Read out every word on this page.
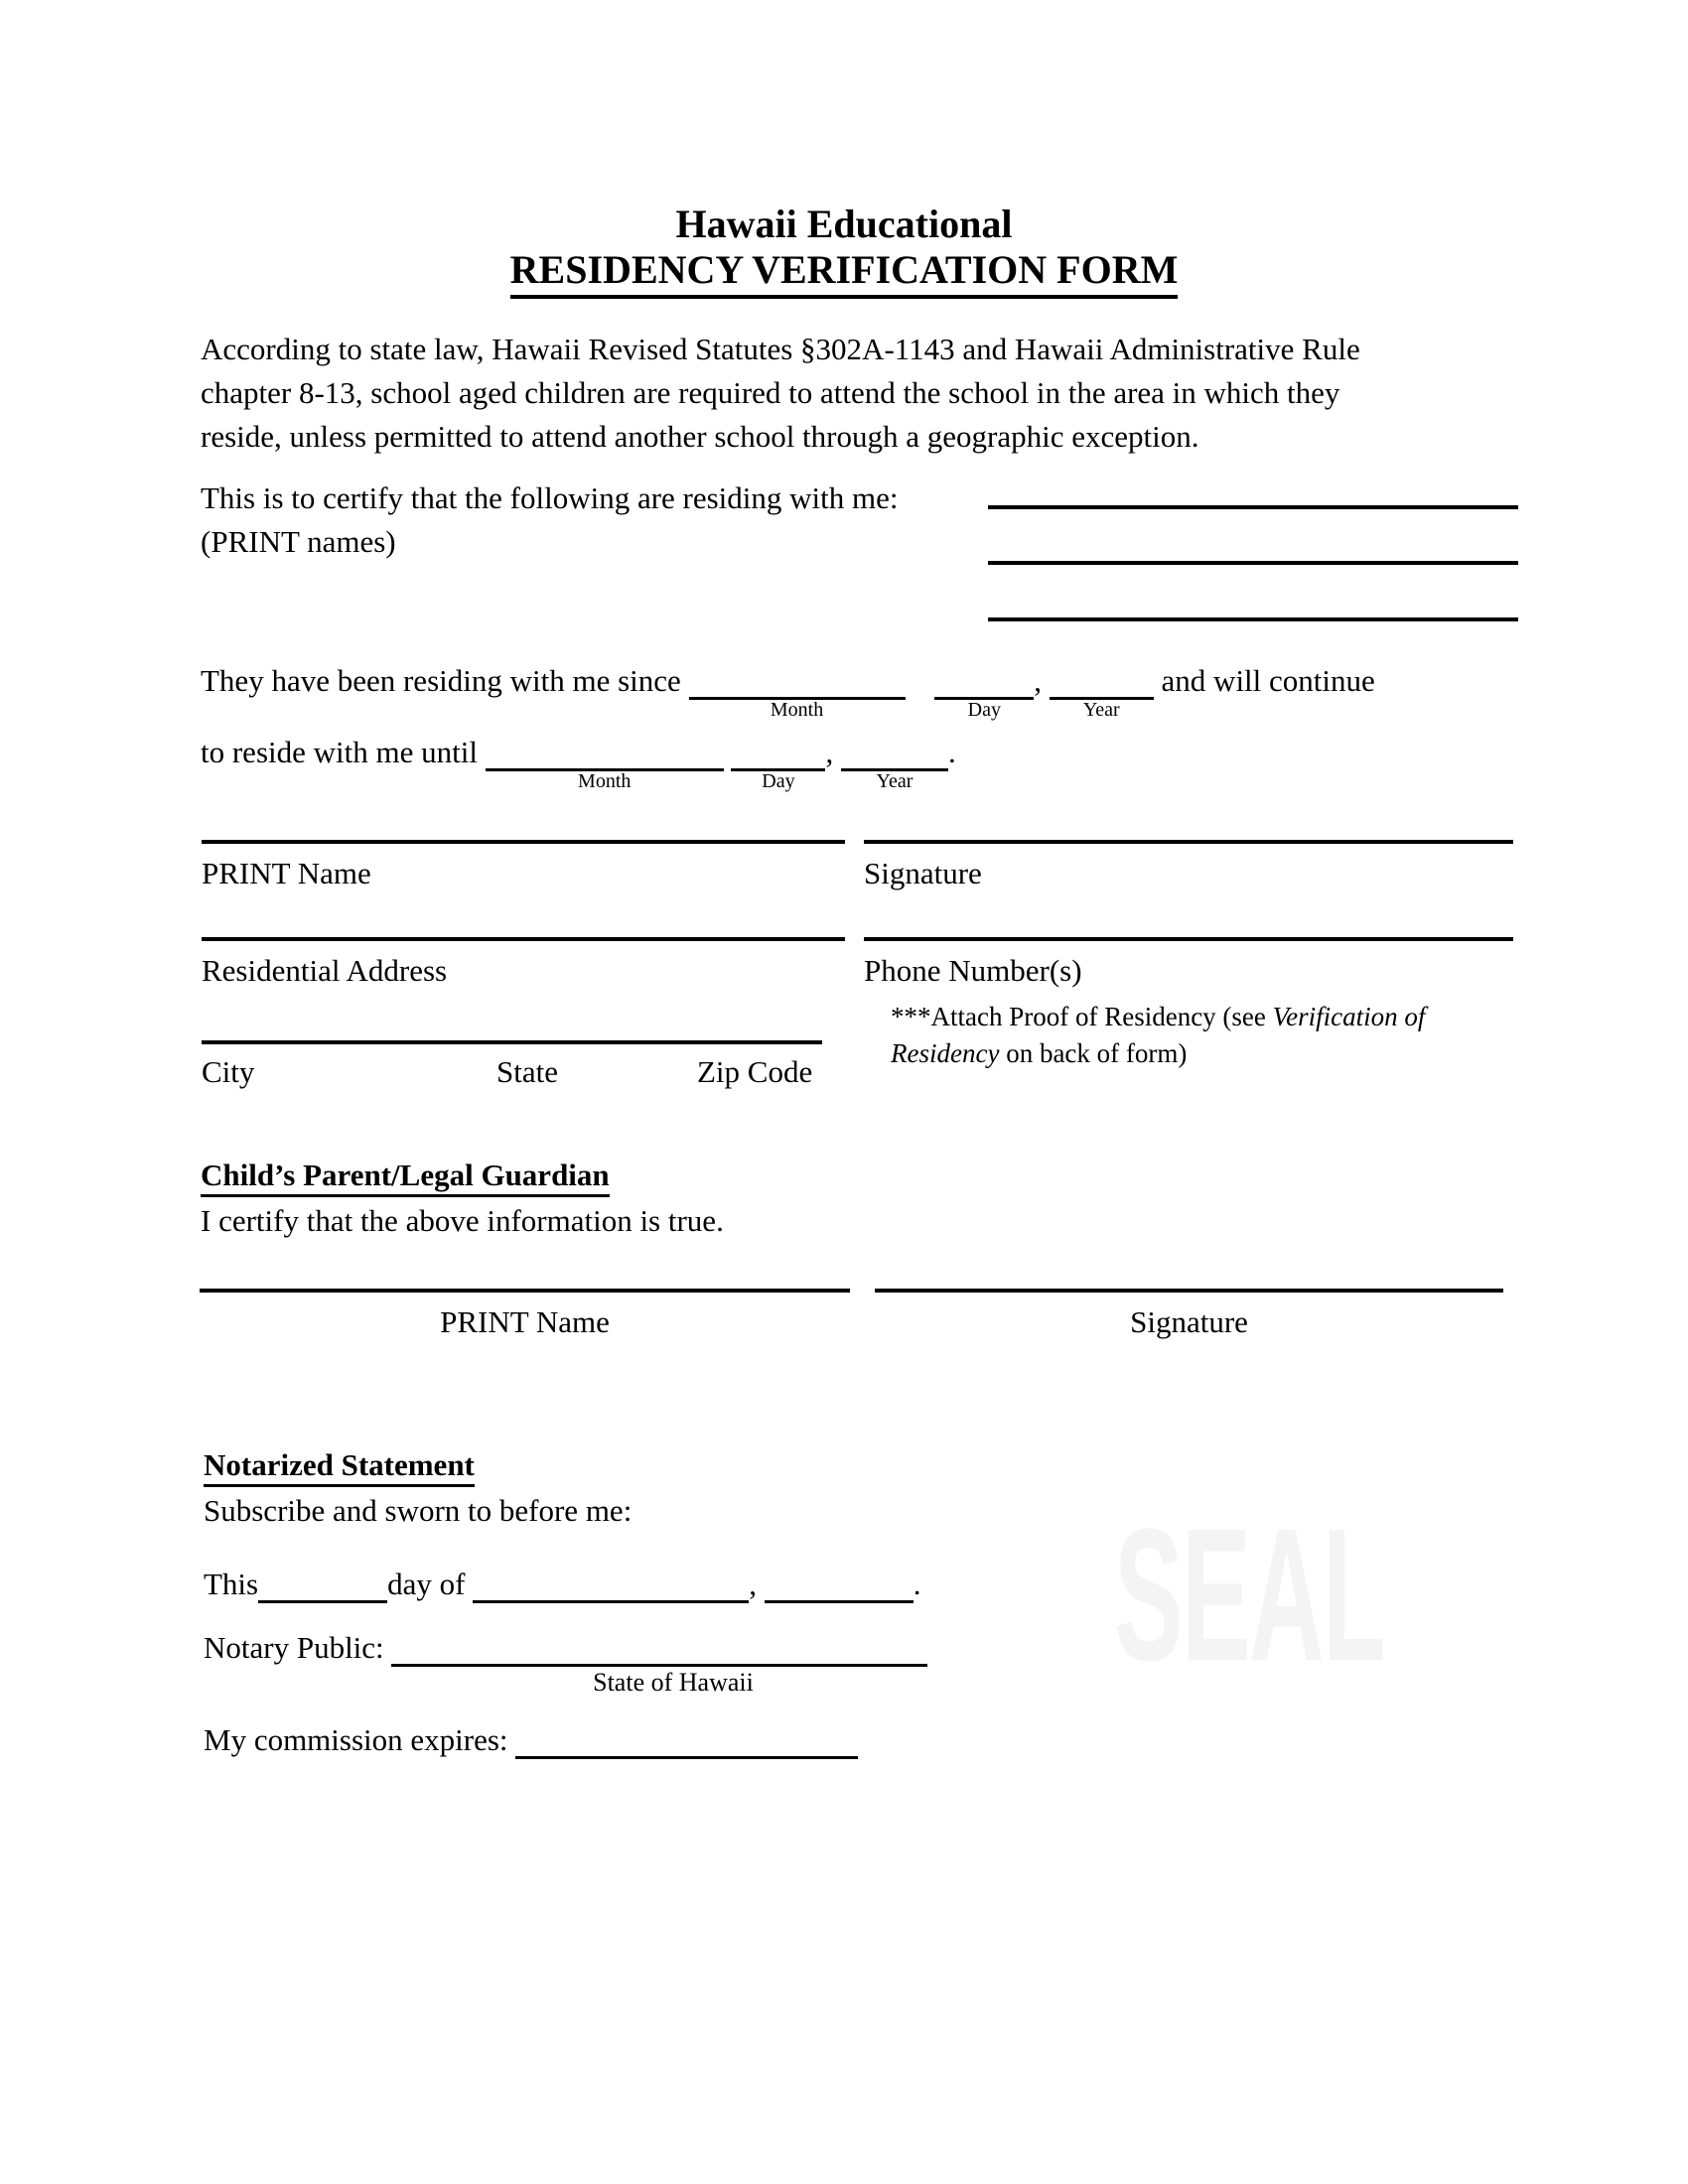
SEAL
Hawaii Educational
RESIDENCY VERIFICATION FORM
According to state law, Hawaii Revised Statutes §302A-1143 and Hawaii Administrative Rule
chapter 8-13, school aged children are required to attend the school in the area in which they
reside, unless permitted to attend another school through a geographic exception.
This is to certify that the following are residing with me:
(PRINT names)
They have been residing with me since
Month
	Day
,
Year
and will continue
to reside with me until
Month
	Day
,
Year
.
PRINT Name	Signature
Residential Address	Phone Number(s)
***Attach Proof of Residency (see Verification of Residency on back of form)
City	State	Zip Code
Child’s Parent/Legal Guardian
I certify that the above information is true.
PRINT Name	Signature
Notarized Statement
Subscribe and sworn to before me:
This	day of	,	.
Notary Public:
State of Hawaii
My commission expires:
